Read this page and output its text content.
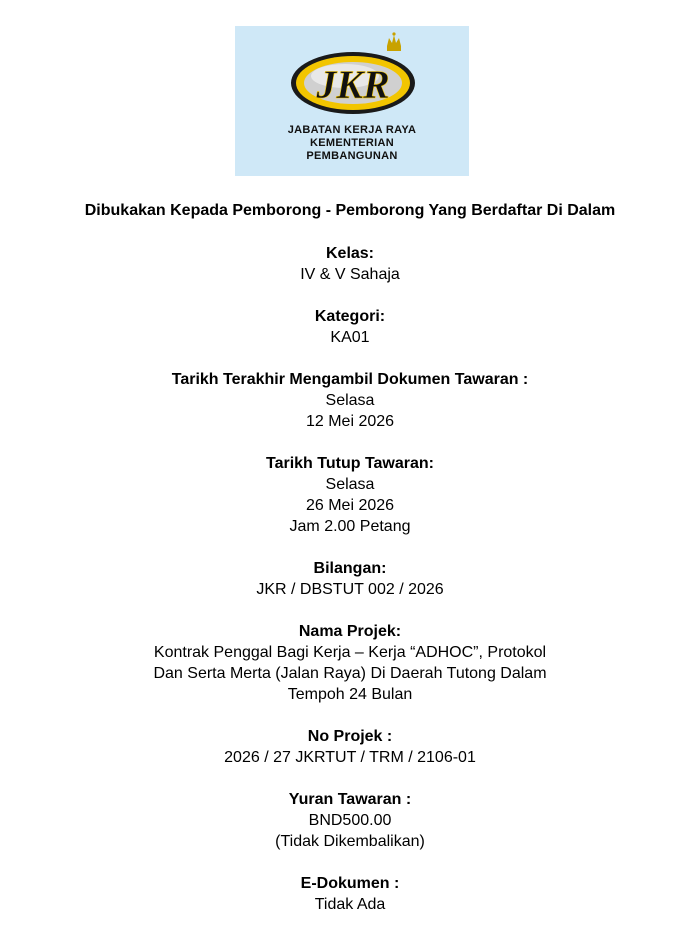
JKR
JABATAN KERJA RAYA
KEMENTERIAN
PEMBANGUNAN
Dibukakan Kepada Pemborong - Pemborong Yang Berdaftar Di Dalam
Kelas:
IV & V Sahaja
Kategori:
KA01
Tarikh Terakhir Mengambil Dokumen Tawaran :
Selasa
12 Mei 2026
Tarikh Tutup Tawaran:
Selasa
26 Mei 2026
Jam 2.00 Petang
Bilangan:
JKR / DBSTUT 002 / 2026
Nama Projek:
Kontrak Penggal Bagi Kerja – Kerja “ADHOC”, Protokol
Dan Serta Merta (Jalan Raya) Di Daerah Tutong Dalam
Tempoh 24 Bulan
No Projek :
2026 / 27 JKRTUT / TRM / 2106-01
Yuran Tawaran :
BND500.00
(Tidak Dikembalikan)
E-Dokumen :
Tidak Ada
